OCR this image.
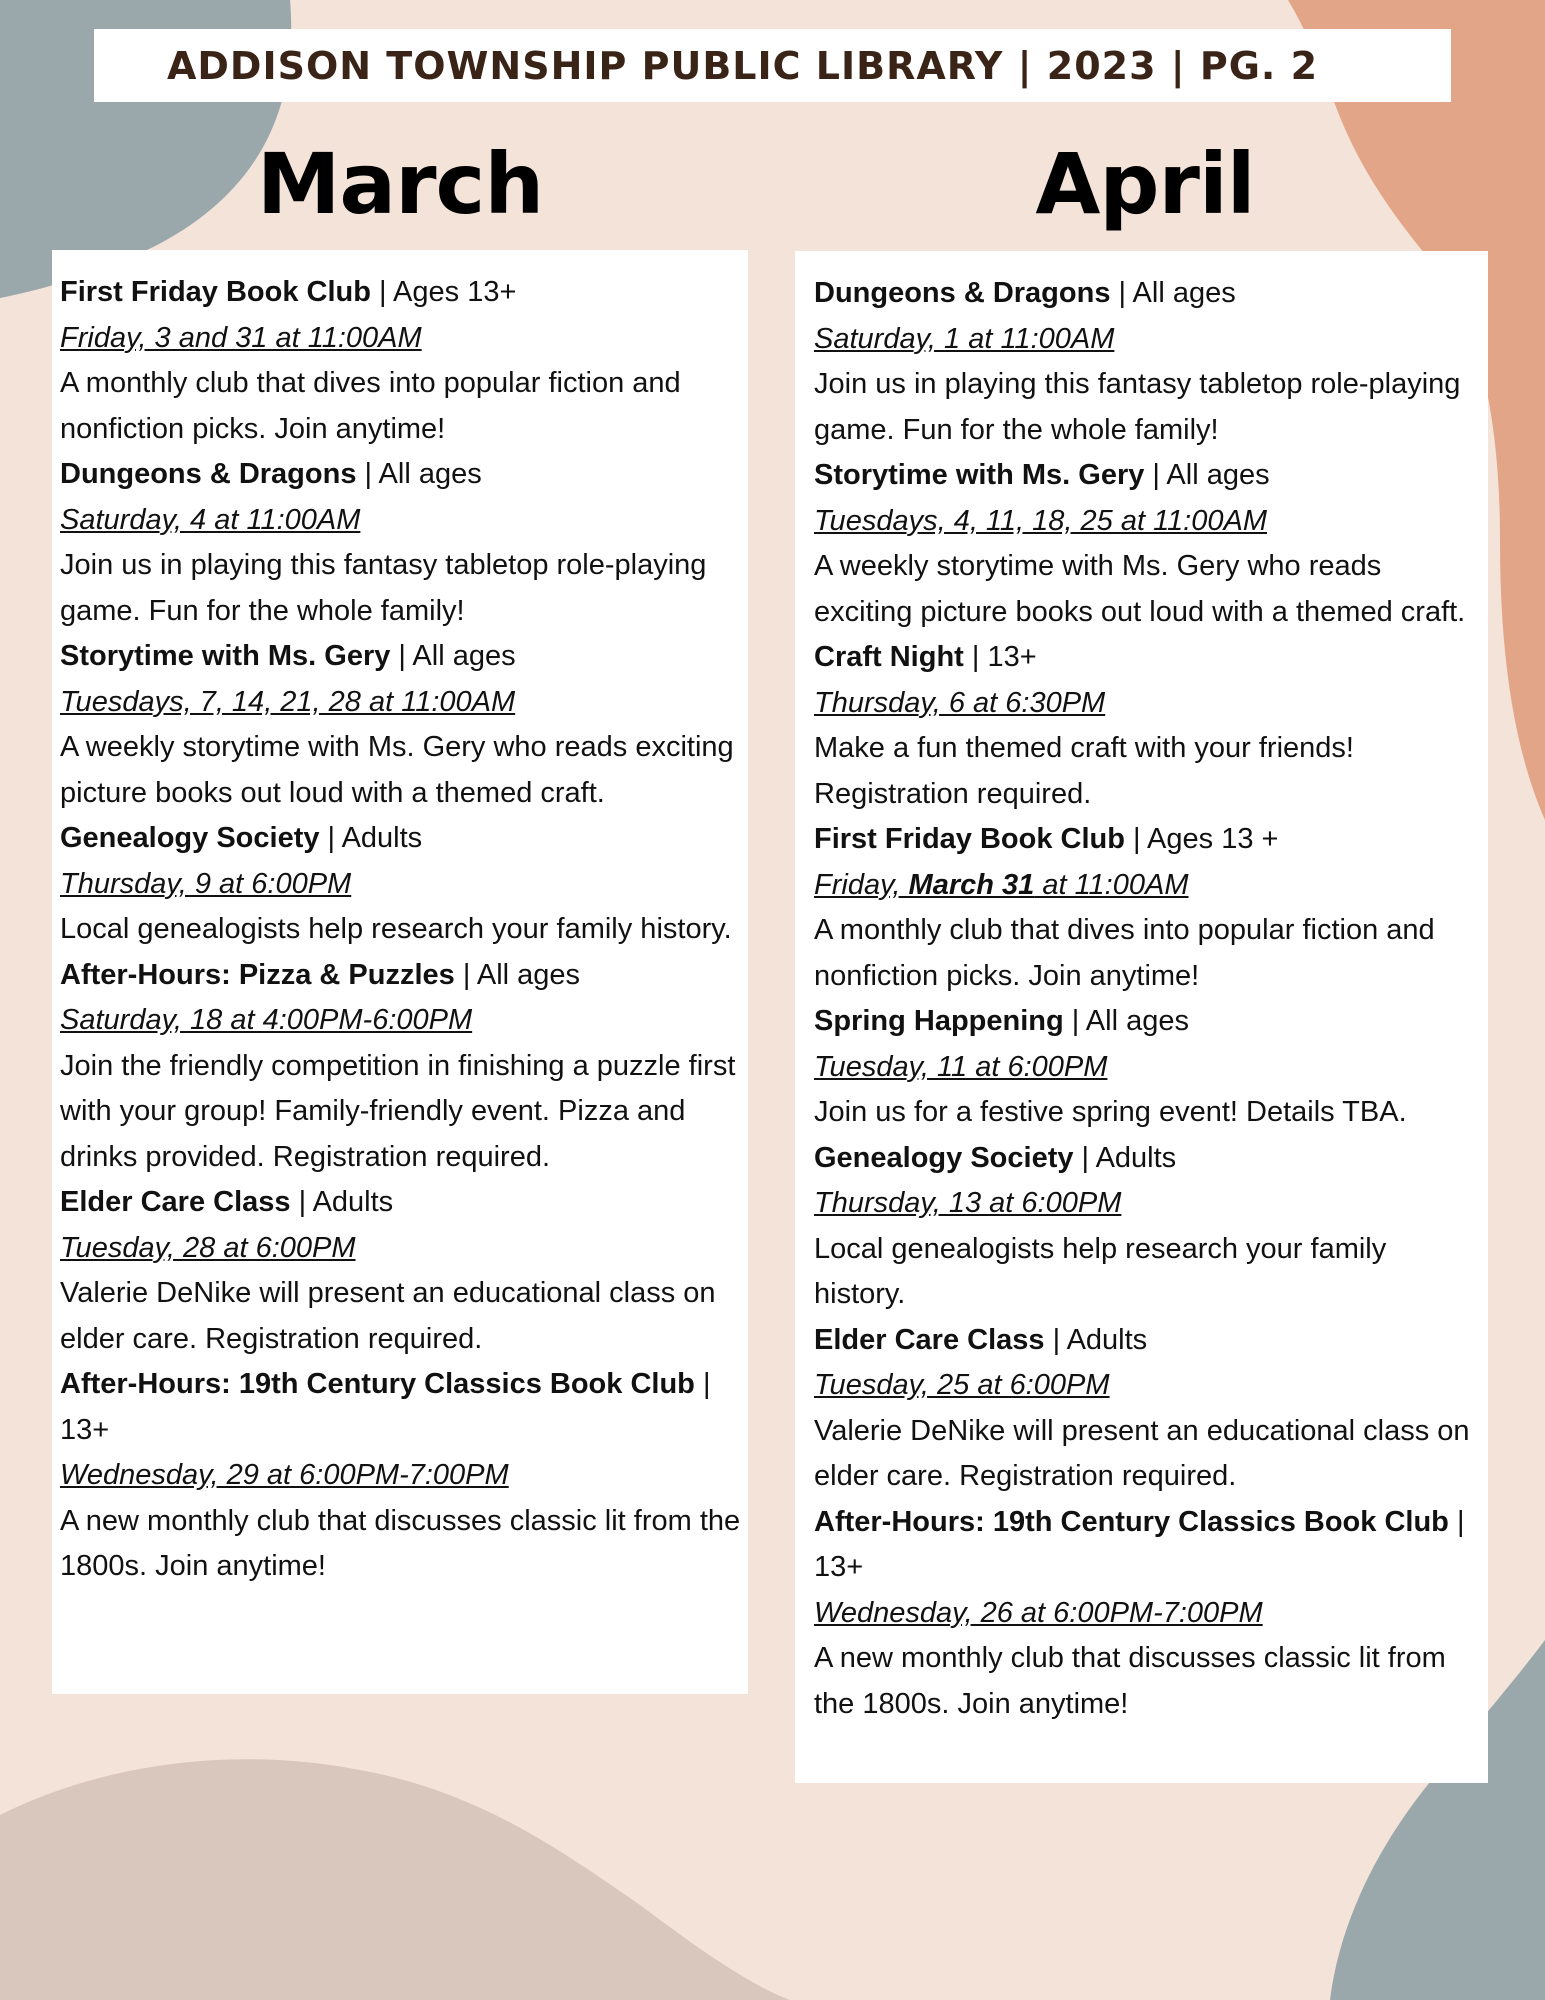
ADDISON TOWNSHIP PUBLIC LIBRARY | 2023 | PG. 2
March	April
First Friday Book Club | Ages 13+
Friday, 3 and 31 at 11:00AM
A monthly club that dives into popular fiction and nonfiction picks. Join anytime!
Dungeons & Dragons | All ages
Saturday, 4 at 11:00AM
Join us in playing this fantasy tabletop role-playing game. Fun for the whole family!
Storytime with Ms. Gery | All ages
Tuesdays, 7, 14, 21, 28 at 11:00AM
A weekly storytime with Ms. Gery who reads exciting picture books out loud with a themed craft.
Genealogy Society | Adults
Thursday, 9 at 6:00PM
Local genealogists help research your family history.
After-Hours: Pizza & Puzzles | All ages
Saturday, 18 at 4:00PM-6:00PM
Join the friendly competition in finishing a puzzle first with your group! Family-friendly event. Pizza and drinks provided. Registration required.
Elder Care Class | Adults
Tuesday, 28 at 6:00PM
Valerie DeNike will present an educational class on elder care. Registration required.
After-Hours: 19th Century Classics Book Club | 13+
Wednesday, 29 at 6:00PM-7:00PM
A new monthly club that discusses classic lit from the 1800s. Join anytime!
Dungeons & Dragons | All ages
Saturday, 1 at 11:00AM
Join us in playing this fantasy tabletop role-playing game. Fun for the whole family!
Storytime with Ms. Gery | All ages
Tuesdays, 4, 11, 18, 25 at 11:00AM
A weekly storytime with Ms. Gery who reads exciting picture books out loud with a themed craft.
Craft Night | 13+
Thursday, 6 at 6:30PM
Make a fun themed craft with your friends! Registration required.
First Friday Book Club | Ages 13 +
Friday, March 31 at 11:00AM
A monthly club that dives into popular fiction and nonfiction picks. Join anytime!
Spring Happening | All ages
Tuesday, 11 at 6:00PM
Join us for a festive spring event! Details TBA.
Genealogy Society | Adults
Thursday, 13 at 6:00PM
Local genealogists help research your family history.
Elder Care Class | Adults
Tuesday, 25 at 6:00PM
Valerie DeNike will present an educational class on elder care. Registration required.
After-Hours: 19th Century Classics Book Club | 13+
Wednesday, 26 at 6:00PM-7:00PM
A new monthly club that discusses classic lit from the 1800s. Join anytime!
